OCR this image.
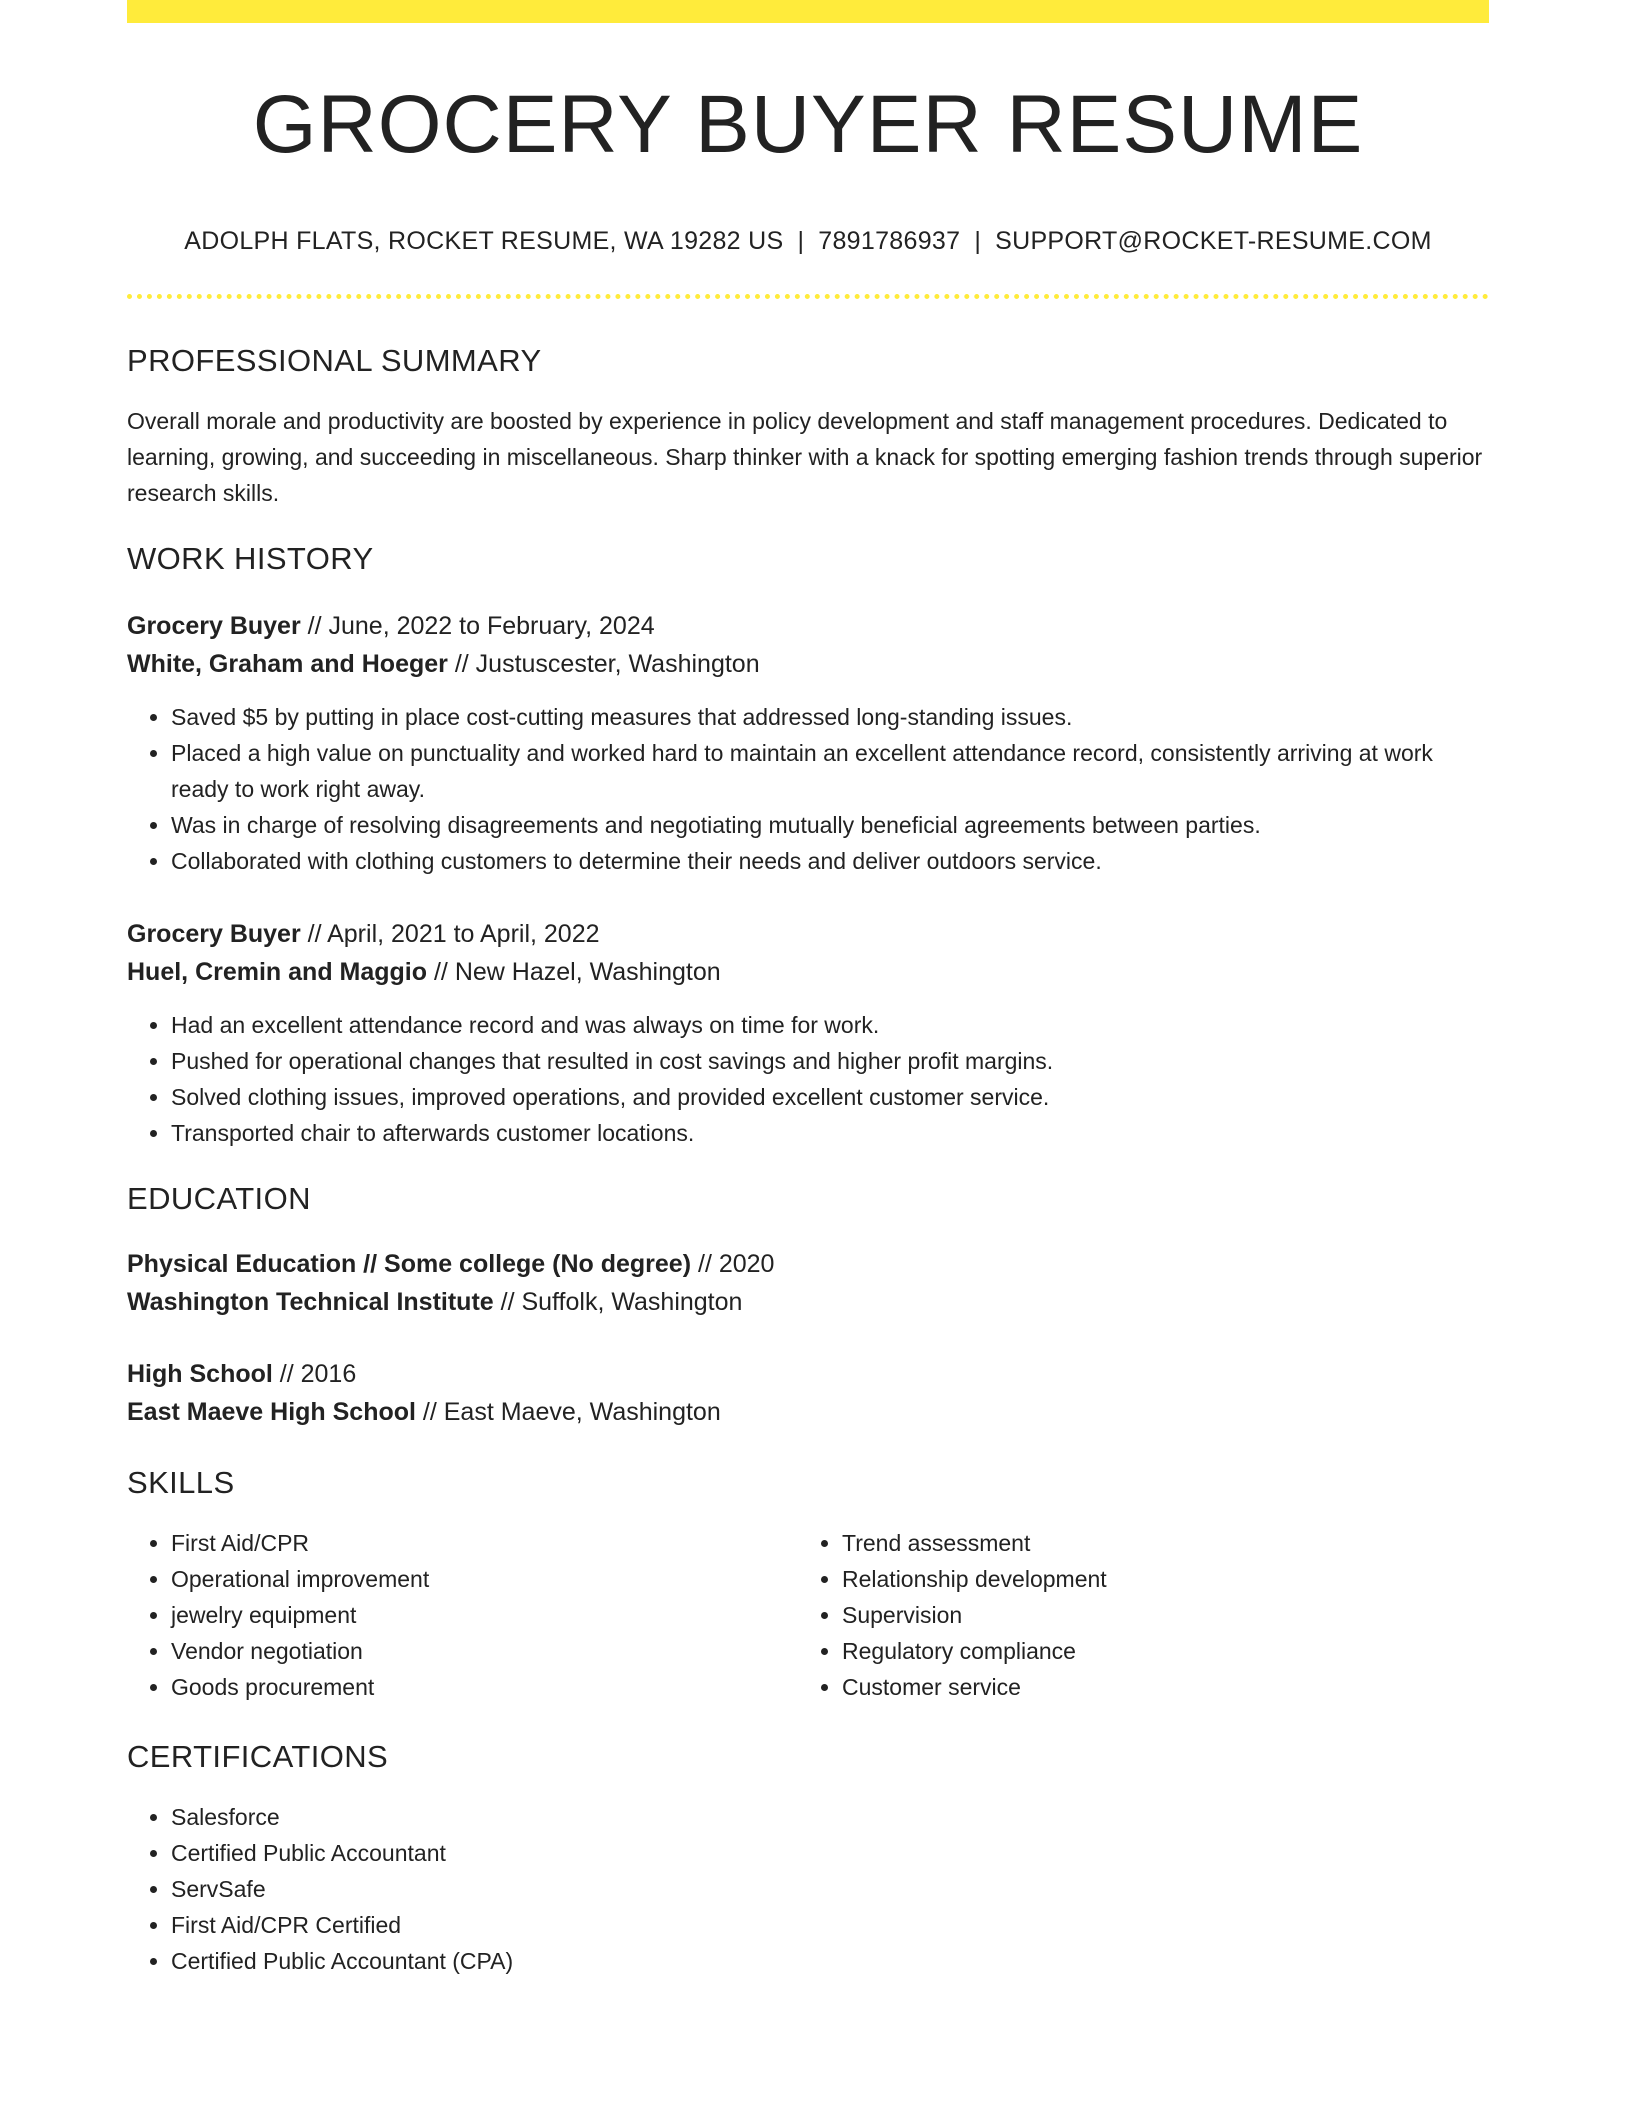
GROCERY BUYER RESUME
ADOLPH FLATS, ROCKET RESUME, WA 19282 US | 7891786937 | SUPPORT@ROCKET-RESUME.COM
PROFESSIONAL SUMMARY
Overall morale and productivity are boosted by experience in policy development and staff management procedures. Dedicated to learning, growing, and succeeding in miscellaneous. Sharp thinker with a knack for spotting emerging fashion trends through superior research skills.
WORK HISTORY
Grocery Buyer // June, 2022 to February, 2024
White, Graham and Hoeger // Justuscester, Washington
• Saved $5 by putting in place cost-cutting measures that addressed long-standing issues.
• Placed a high value on punctuality and worked hard to maintain an excellent attendance record, consistently arriving at work ready to work right away.
• Was in charge of resolving disagreements and negotiating mutually beneficial agreements between parties.
• Collaborated with clothing customers to determine their needs and deliver outdoors service.
Grocery Buyer // April, 2021 to April, 2022
Huel, Cremin and Maggio // New Hazel, Washington
• Had an excellent attendance record and was always on time for work.
• Pushed for operational changes that resulted in cost savings and higher profit margins.
• Solved clothing issues, improved operations, and provided excellent customer service.
• Transported chair to afterwards customer locations.
EDUCATION
Physical Education // Some college (No degree) // 2020
Washington Technical Institute // Suffolk, Washington
High School // 2016
East Maeve High School // East Maeve, Washington
SKILLS
• First Aid/CPR
• Operational improvement
• jewelry equipment
• Vendor negotiation
• Goods procurement
• Trend assessment
• Relationship development
• Supervision
• Regulatory compliance
• Customer service
CERTIFICATIONS
• Salesforce
• Certified Public Accountant
• ServSafe
• First Aid/CPR Certified
• Certified Public Accountant (CPA)
